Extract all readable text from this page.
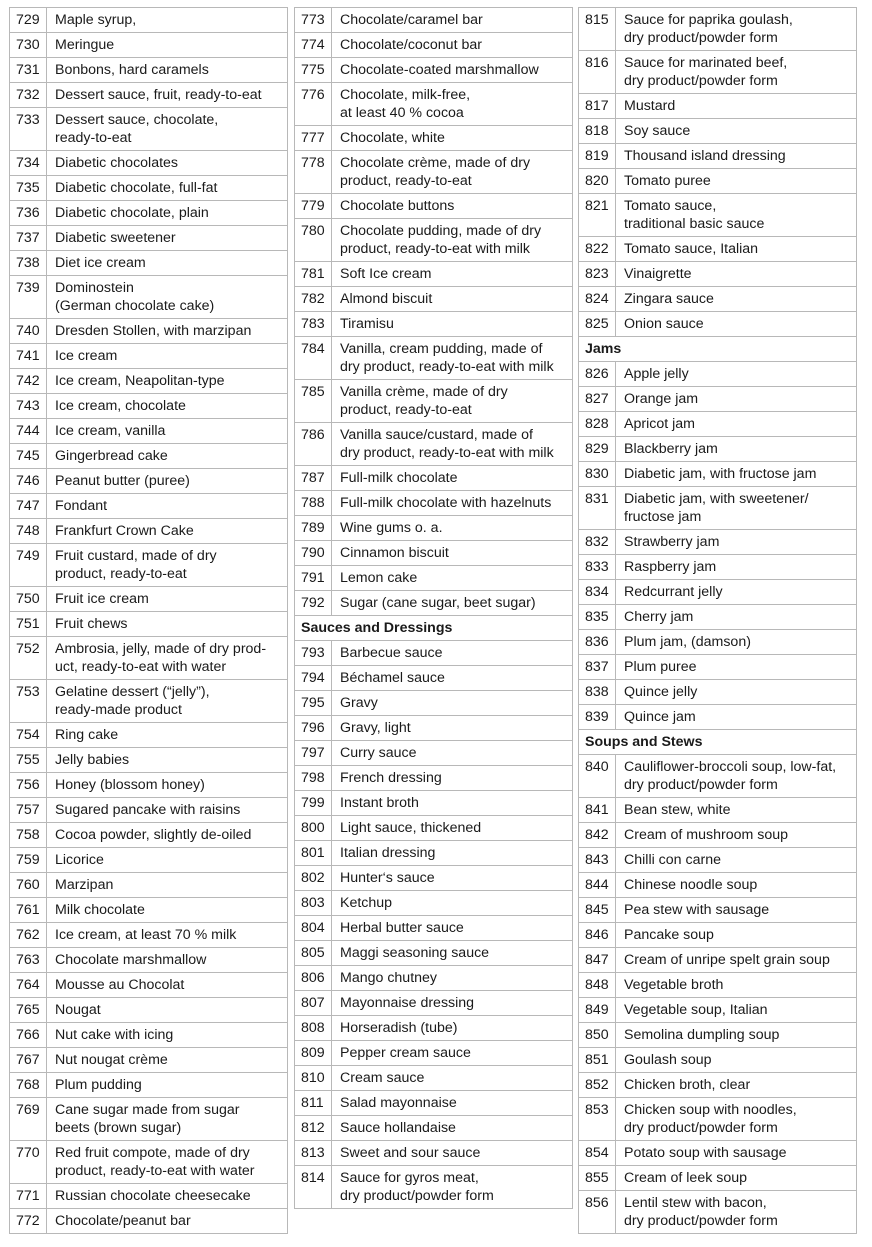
729	Maple syrup,
730	Meringue
731	Bonbons, hard caramels
732	Dessert sauce, fruit, ready-to-eat
733	Dessert sauce, chocolate,
ready-to-eat
734	Diabetic chocolates
735	Diabetic chocolate, full-fat
736	Diabetic chocolate, plain
737	Diabetic sweetener
738	Diet ice cream
739	Dominostein
(German chocolate cake)
740	Dresden Stollen, with marzipan
741	Ice cream
742	Ice cream, Neapolitan-type
743	Ice cream, chocolate
744	Ice cream, vanilla
745	Gingerbread cake
746	Peanut butter (puree)
747	Fondant
748	Frankfurt Crown Cake
749	Fruit custard, made of dry
product, ready-to-eat
750	Fruit ice cream
751	Fruit chews
752	Ambrosia, jelly, made of dry prod-
uct, ready-to-eat with water
753	Gelatine dessert (“jelly”),
ready-made product
754	Ring cake
755	Jelly babies
756	Honey (blossom honey)
757	Sugared pancake with raisins
758	Cocoa powder, slightly de-oiled
759	Licorice
760	Marzipan
761	Milk chocolate
762	Ice cream, at least 70 % milk
763	Chocolate marshmallow
764	Mousse au Chocolat
765	Nougat
766	Nut cake with icing
767	Nut nougat crème
768	Plum pudding
769	Cane sugar made from sugar
beets (brown sugar)
770	Red fruit compote, made of dry
product, ready-to-eat with water
771	Russian chocolate cheesecake
772	Chocolate/peanut bar
773	Chocolate/caramel bar
774	Chocolate/coconut bar
775	Chocolate-coated marshmallow
776	Chocolate, milk-free,
at least 40 % cocoa
777	Chocolate, white
778	Chocolate crème, made of dry
product, ready-to-eat
779	Chocolate buttons
780	Chocolate pudding, made of dry
product, ready-to-eat with milk
781	Soft Ice cream
782	Almond biscuit
783	Tiramisu
784	Vanilla, cream pudding, made of
dry product, ready-to-eat with milk
785	Vanilla crème, made of dry
product, ready-to-eat
786	Vanilla sauce/custard, made of
dry product, ready-to-eat with milk
787	Full-milk chocolate
788	Full-milk chocolate with hazelnuts
789	Wine gums o. a.
790	Cinnamon biscuit
791	Lemon cake
792	Sugar (cane sugar, beet sugar)
Sauces and Dressings
793	Barbecue sauce
794	Béchamel sauce
795	Gravy
796	Gravy, light
797	Curry sauce
798	French dressing
799	Instant broth
800	Light sauce, thickened
801	Italian dressing
802	Hunter‘s sauce
803	Ketchup
804	Herbal butter sauce
805	Maggi seasoning sauce
806	Mango chutney
807	Mayonnaise dressing
808	Horseradish (tube)
809	Pepper cream sauce
810	Cream sauce
811	Salad mayonnaise
812	Sauce hollandaise
813	Sweet and sour sauce
814	Sauce for gyros meat,
dry product/powder form
815	Sauce for paprika goulash,
dry product/powder form
816	Sauce for marinated beef,
dry product/powder form
817	Mustard
818	Soy sauce
819	Thousand island dressing
820	Tomato puree
821	Tomato sauce,
traditional basic sauce
822	Tomato sauce, Italian
823	Vinaigrette
824	Zingara sauce
825	Onion sauce
Jams
826	Apple jelly
827	Orange jam
828	Apricot jam
829	Blackberry jam
830	Diabetic jam, with fructose jam
831	Diabetic jam, with sweetener/
fructose jam
832	Strawberry jam
833	Raspberry jam
834	Redcurrant jelly
835	Cherry jam
836	Plum jam, (damson)
837	Plum puree
838	Quince jelly
839	Quince jam
Soups and Stews
840	Cauliflower-broccoli soup, low-fat,
dry product/powder form
841	Bean stew, white
842	Cream of mushroom soup
843	Chilli con carne
844	Chinese noodle soup
845	Pea stew with sausage
846	Pancake soup
847	Cream of unripe spelt grain soup
848	Vegetable broth
849	Vegetable soup, Italian
850	Semolina dumpling soup
851	Goulash soup
852	Chicken broth, clear
853	Chicken soup with noodles,
dry product/powder form
854	Potato soup with sausage
855	Cream of leek soup
856	Lentil stew with bacon,
dry product/powder form
